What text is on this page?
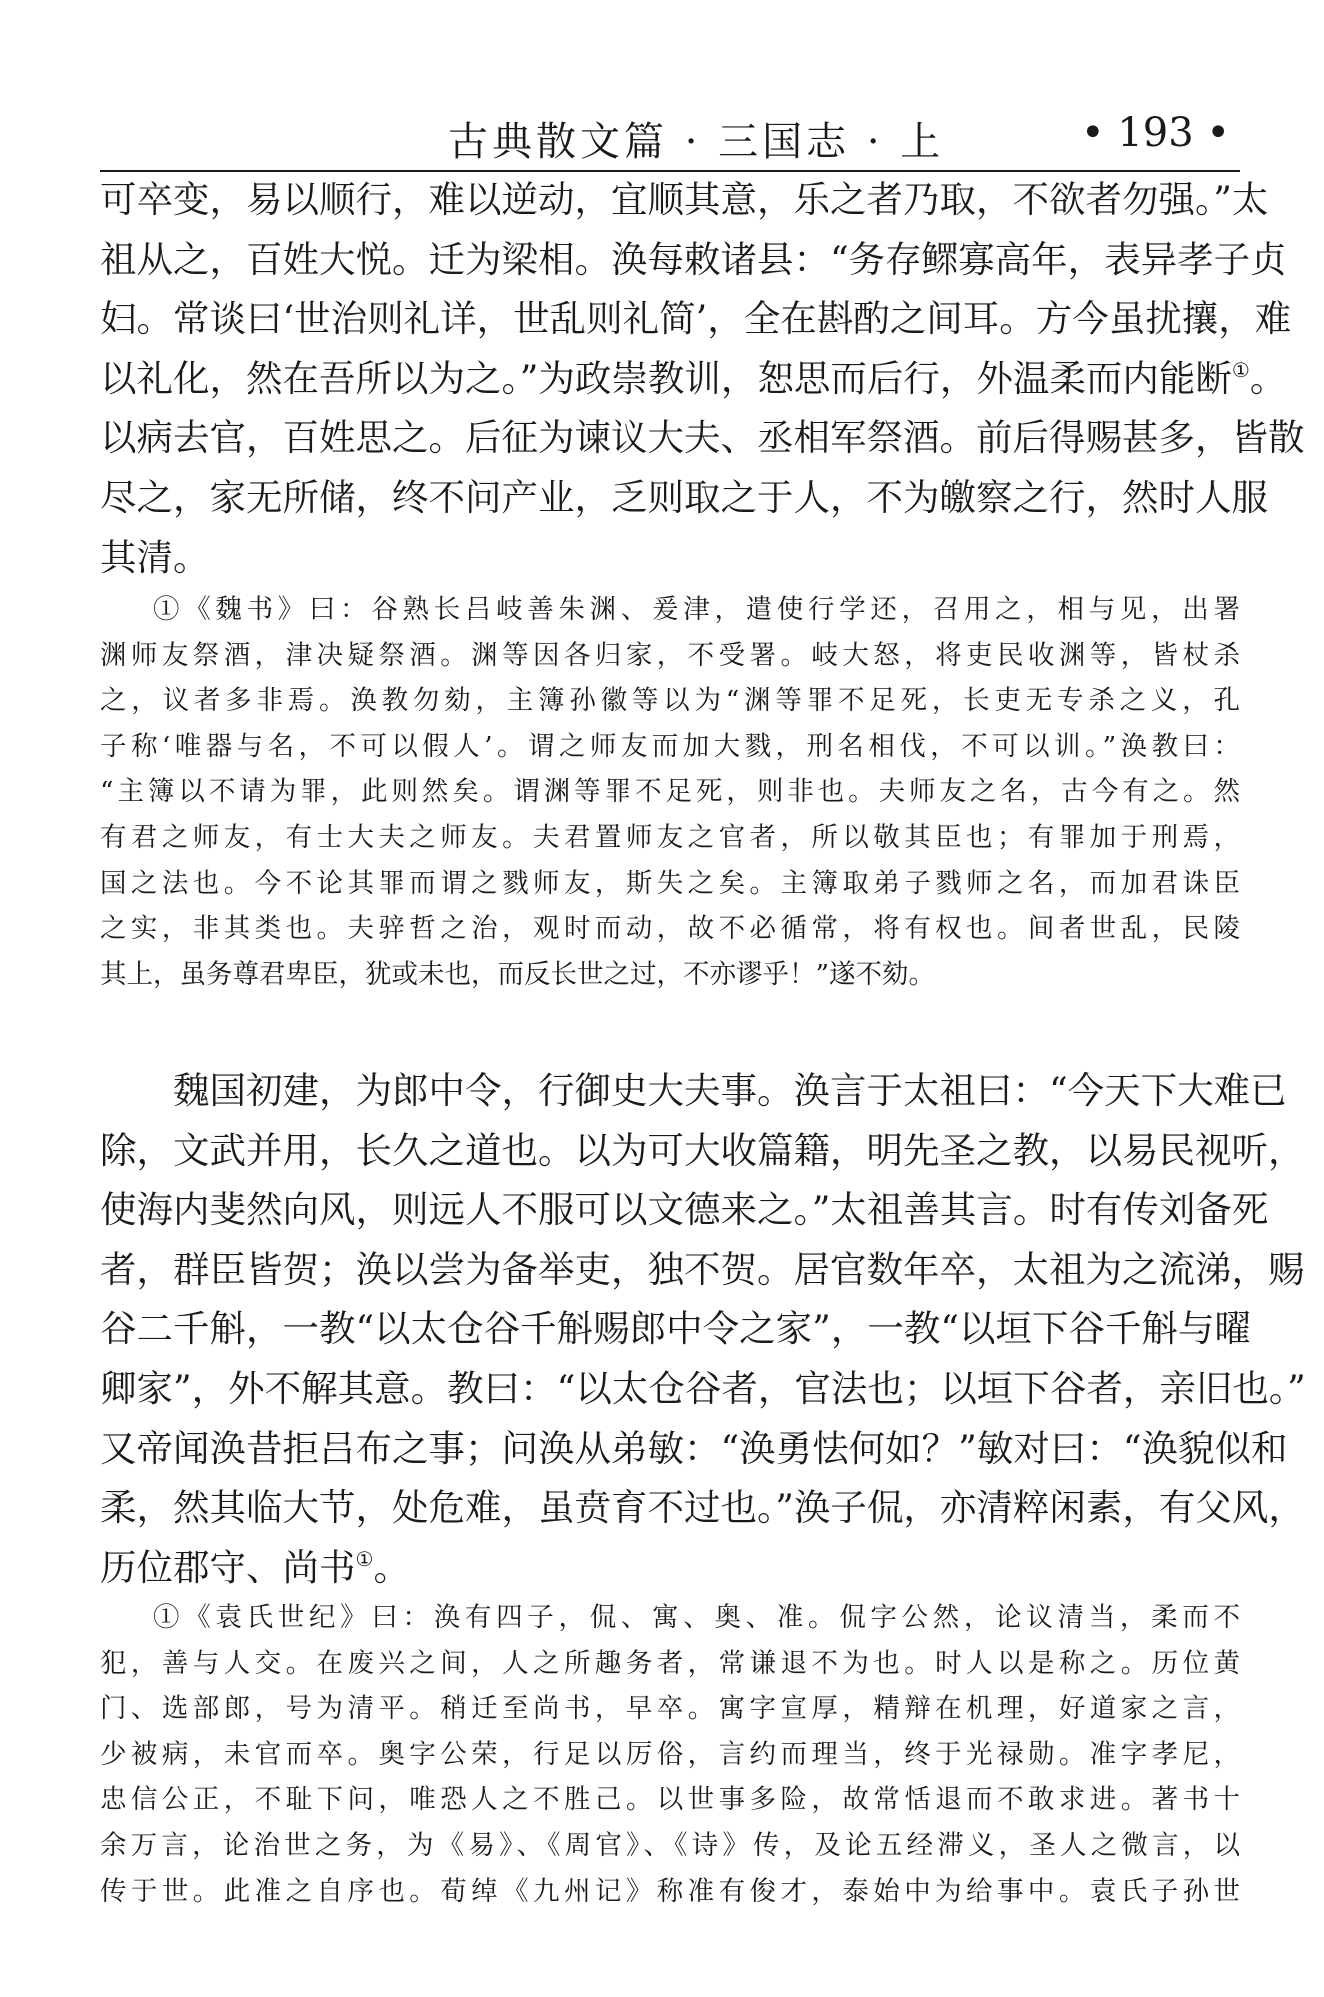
古典散文篇 · 三国志 · 上	• 193 •
可卒变，易以顺行，难以逆动，宜顺其意，乐之者乃取，不欲者勿强。”太
祖从之，百姓大悦。迁为梁相。涣每敕诸县：“务存鳏寡高年，表异孝子贞
妇。常谈曰‘世治则礼详，世乱则礼简’，全在斟酌之间耳。方今虽扰攘，难
以礼化，然在吾所以为之。”为政崇教训，恕思而后行，外温柔而内能断①。
以病去官，百姓思之。后征为谏议大夫、丞相军祭酒。前后得赐甚多，皆散
尽之，家无所储，终不问产业，乏则取之于人，不为皦察之行，然时人服
其清。
①《魏书》曰：谷熟长吕岐善朱渊、爰津，遣使行学还，召用之，相与见，出署
渊师友祭酒，津决疑祭酒。渊等因各归家，不受署。岐大怒，将吏民收渊等，皆杖杀
之，议者多非焉。涣教勿劾，主簿孙徽等以为“渊等罪不足死，长吏无专杀之义，孔
子称‘唯器与名，不可以假人’。谓之师友而加大戮，刑名相伐，不可以训。”涣教曰：
“主簿以不请为罪，此则然矣。谓渊等罪不足死，则非也。夫师友之名，古今有之。然
有君之师友，有士大夫之师友。夫君置师友之官者，所以敬其臣也；有罪加于刑焉，
国之法也。今不论其罪而谓之戮师友，斯失之矣。主簿取弟子戮师之名，而加君诛臣
之实，非其类也。夫骍哲之治，观时而动，故不必循常，将有权也。间者世乱，民陵
其上，虽务尊君卑臣，犹或未也，而反长世之过，不亦谬乎！”遂不劾。
魏国初建，为郎中令，行御史大夫事。涣言于太祖曰：“今天下大难已
除，文武并用，长久之道也。以为可大收篇籍，明先圣之教，以易民视听，
使海内斐然向风，则远人不服可以文德来之。”太祖善其言。时有传刘备死
者，群臣皆贺；涣以尝为备举吏，独不贺。居官数年卒，太祖为之流涕，赐
谷二千斛，一教“以太仓谷千斛赐郎中令之家”，一教“以垣下谷千斛与曜
卿家”，外不解其意。教曰：“以太仓谷者，官法也；以垣下谷者，亲旧也。”
又帝闻涣昔拒吕布之事；问涣从弟敏：“涣勇怯何如？”敏对曰：“涣貌似和
柔，然其临大节，处危难，虽贲育不过也。”涣子侃，亦清粹闲素，有父风，
历位郡守、尚书①。
①《袁氏世纪》曰：涣有四子，侃、寓、奥、准。侃字公然，论议清当，柔而不
犯，善与人交。在废兴之间，人之所趣务者，常谦退不为也。时人以是称之。历位黄
门、选部郎，号为清平。稍迁至尚书，早卒。寓字宣厚，精辩在机理，好道家之言，
少被病，未官而卒。奥字公荣，行足以厉俗，言约而理当，终于光禄勋。准字孝尼，
忠信公正，不耻下问，唯恐人之不胜己。以世事多险，故常恬退而不敢求进。著书十
余万言，论治世之务，为《易》、《周官》、《诗》传，及论五经滞义，圣人之微言，以
传于世。此准之自序也。荀绰《九州记》称准有俊才，泰始中为给事中。袁氏子孙世
